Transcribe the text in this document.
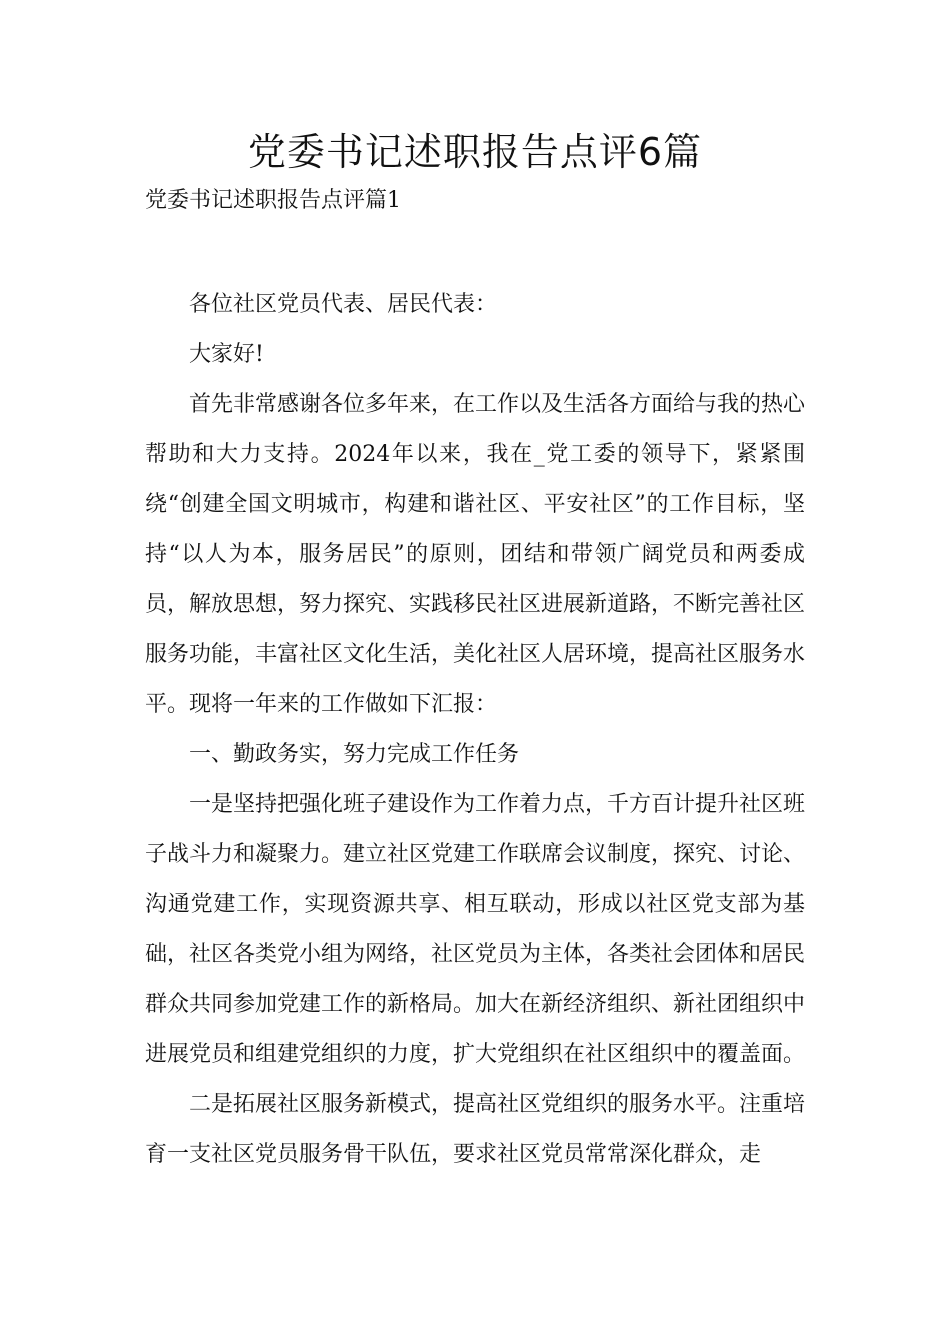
党委书记述职报告点评6篇
党委书记述职报告点评篇1

各位社区党员代表、居民代表：

大家好!

首先非常感谢各位多年来，在工作以及生活各方面给与我的热心帮助和大力支持。2024年以来，我在_党工委的领导下，紧紧围绕“创建全国文明城市，构建和谐社区、平安社区”的工作目标，坚持“以人为本，服务居民”的原则，团结和带领广阔党员和两委成员，解放思想，努力探究、实践移民社区进展新道路，不断完善社区服务功能，丰富社区文化生活，美化社区人居环境，提高社区服务水平。现将一年来的工作做如下汇报：

一、勤政务实，努力完成工作任务

一是坚持把强化班子建设作为工作着力点，千方百计提升社区班子战斗力和凝聚力。建立社区党建工作联席会议制度，探究、讨论、沟通党建工作，实现资源共享、相互联动，形成以社区党支部为基础，社区各类党小组为网络，社区党员为主体，各类社会团体和居民群众共同参加党建工作的新格局。加大在新经济组织、新社团组织中进展党员和组建党组织的力度，扩大党组织在社区组织中的覆盖面。

二是拓展社区服务新模式，提高社区党组织的服务水平。注重培育一支社区党员服务骨干队伍，要求社区党员常常深化群众，走
